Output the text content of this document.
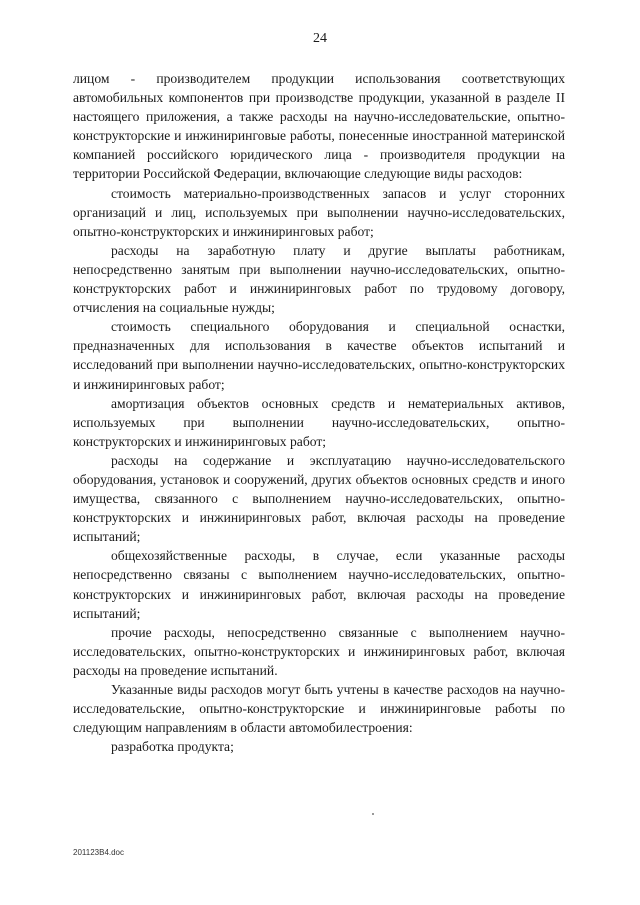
24

лицом - производителем продукции использования соответствующих автомобильных компонентов при производстве продукции, указанной в разделе II настоящего приложения, а также расходы на научно-исследовательские, опытно-конструкторские и инжиниринговые работы, понесенные иностранной материнской компанией российского юридического лица - производителя продукции на территории Российской Федерации, включающие следующие виды расходов:

стоимость материально-производственных запасов и услуг сторонних организаций и лиц, используемых при выполнении научно-исследовательских, опытно-конструкторских и инжиниринговых работ;

расходы на заработную плату и другие выплаты работникам, непосредственно занятым при выполнении научно-исследовательских, опытно-конструкторских работ и инжиниринговых работ по трудовому договору, отчисления на социальные нужды;

стоимость специального оборудования и специальной оснастки, предназначенных для использования в качестве объектов испытаний и исследований при выполнении научно-исследовательских, опытно-конструкторских и инжиниринговых работ;

амортизация объектов основных средств и нематериальных активов, используемых при выполнении научно-исследовательских, опытно-конструкторских и инжиниринговых работ;

расходы на содержание и эксплуатацию научно-исследовательского оборудования, установок и сооружений, других объектов основных средств и иного имущества, связанного с выполнением научно-исследовательских, опытно-конструкторских и инжиниринговых работ, включая расходы на проведение испытаний;

общехозяйственные расходы, в случае, если указанные расходы непосредственно связаны с выполнением научно-исследовательских, опытно-конструкторских и инжиниринговых работ, включая расходы на проведение испытаний;

прочие расходы, непосредственно связанные с выполнением научно-исследовательских, опытно-конструкторских и инжиниринговых работ, включая расходы на проведение испытаний.

Указанные виды расходов могут быть учтены в качестве расходов на научно-исследовательские, опытно-конструкторские и инжиниринговые работы по следующим направлениям в области автомобилестроения:

разработка продукта;

201123B4.doc
